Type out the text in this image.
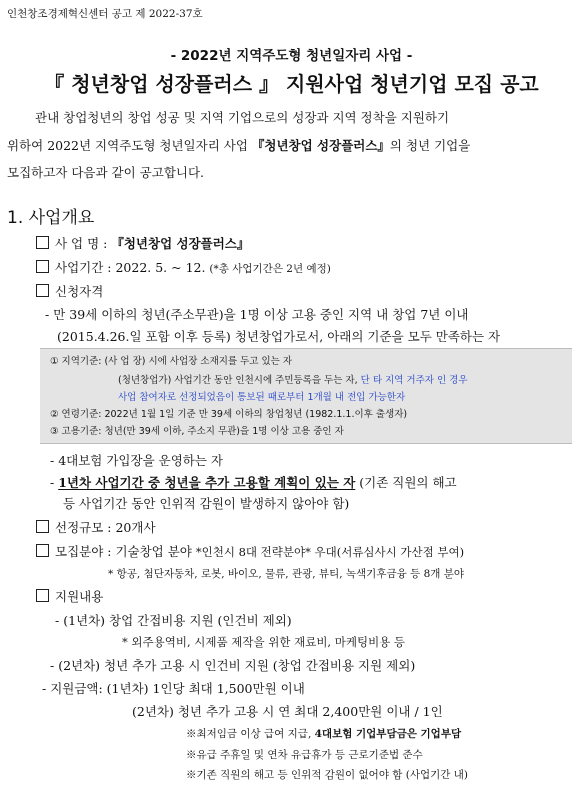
인천창조경제혁신센터 공고 제 2022-37호
- 2022년 지역주도형 청년일자리 사업 -
『 청년창업 성장플러스 』 지원사업 청년기업 모집 공고
관내 창업청년의 창업 성공 및 지역 기업으로의 성장과 지역 정착을 지원하기
위하여 2022년 지역주도형 청년일자리 사업 『청년창업 성장플러스』의 청년 기업을
모집하고자 다음과 같이 공고합니다.
1. 사업개요
사 업 명 : 『청년창업 성장플러스』
사업기간 : 2022. 5. ~ 12. (*총 사업기간은 2년 예정)
신청자격
- 만 39세 이하의 청년(주소무관)을 1명 이상 고용 중인 지역 내 창업 7년 이내
(2015.4.26.일 포함 이후 등록) 청년창업가로서, 아래의 기준을 모두 만족하는 자
① 지역기준: (사 업 장) 시에 사업장 소재지를 두고 있는 자
(청년창업가) 사업기간 동안 인천시에 주민등록을 두는 자, 단 타 지역 거주자 인 경우
사업 참여자로 선정되었음이 통보된 때로부터 1개월 내 전입 가능한자
② 연령기준: 2022년 1월 1일 기준 만 39세 이하의 창업청년 (1982.1.1.이후 출생자)
③ 고용기준: 청년(만 39세 이하, 주소지 무관)을 1명 이상 고용 중인 자
- 4대보험 가입장을 운영하는 자
- 1년차 사업기간 중 청년을 추가 고용할 계획이 있는 자 (기존 직원의 해고
등 사업기간 동안 인위적 감원이 발생하지 않아야 함)
선정규모 : 20개사
모집분야 : 기술창업 분야 *인천시 8대 전략분야* 우대(서류심사시 가산점 부여)
* 항공, 첨단자동차, 로봇, 바이오, 물류, 관광, 뷰티, 녹색기후금융 등 8개 분야
지원내용
- (1년차) 창업 간접비용 지원 (인건비 제외)
* 외주용역비, 시제품 제작을 위한 재료비, 마케팅비용 등
- (2년차) 청년 추가 고용 시 인건비 지원 (창업 간접비용 지원 제외)
- 지원금액: (1년차) 1인당 최대 1,500만원 이내
(2년차) 청년 추가 고용 시 연 최대 2,400만원 이내 / 1인
※최저임금 이상 급여 지급, 4대보험 기업부담금은 기업부담
※유급 주휴일 및 연차 유급휴가 등 근로기준법 준수
※기존 직원의 해고 등 인위적 감원이 없어야 함 (사업기간 내)
